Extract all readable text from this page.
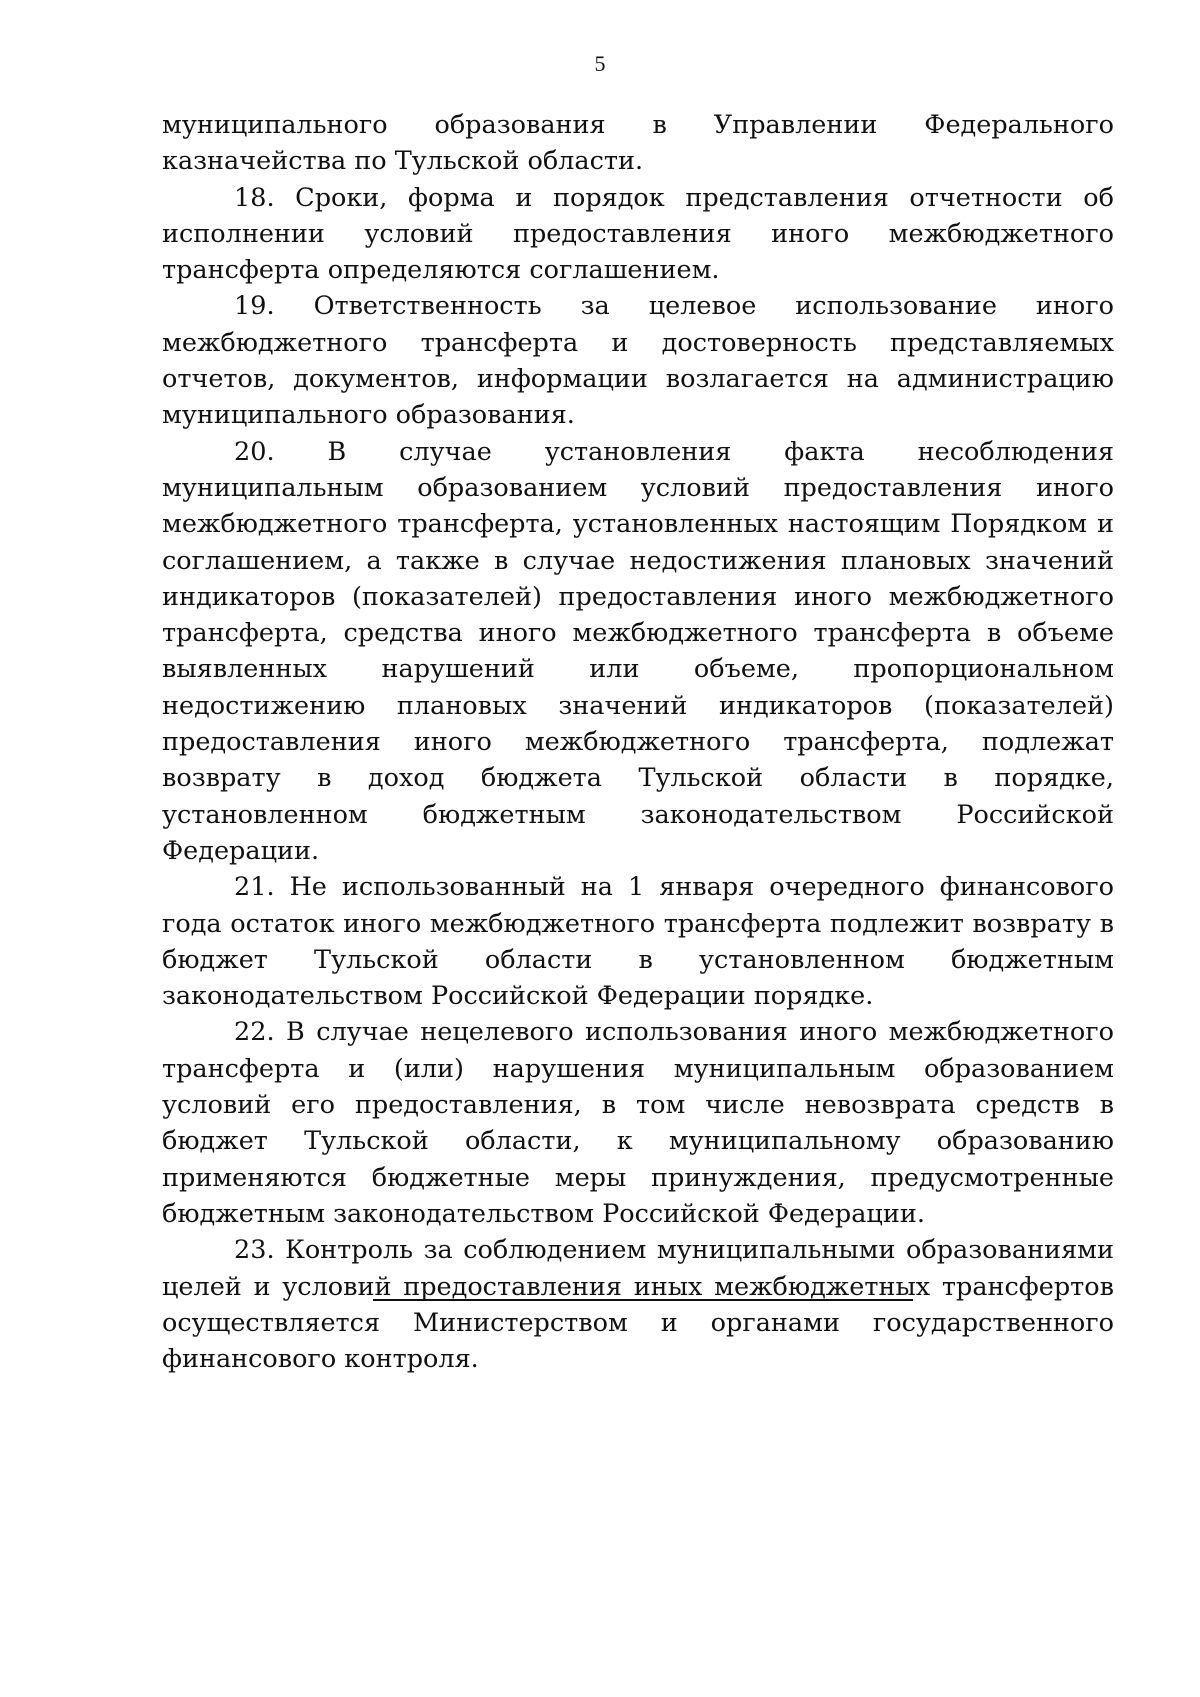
5

муниципального образования в Управлении Федерального казначейства по Тульской области.

18. Сроки, форма и порядок представления отчетности об исполнении условий предоставления иного межбюджетного трансферта определяются соглашением.

19. Ответственность за целевое использование иного межбюджетного трансферта и достоверность представляемых отчетов, документов, информации возлагается на администрацию муниципального образования.

20. В случае установления факта несоблюдения муниципальным образованием условий предоставления иного межбюджетного трансферта, установленных настоящим Порядком и соглашением, а также в случае недостижения плановых значений индикаторов (показателей) предоставления иного межбюджетного трансферта, средства иного межбюджетного трансферта в объеме выявленных нарушений или объеме, пропорциональном недостижению плановых значений индикаторов (показателей) предоставления иного межбюджетного трансферта, подлежат возврату в доход бюджета Тульской области в порядке, установленном бюджетным законодательством Российской Федерации.

21. Не использованный на 1 января очередного финансового года остаток иного межбюджетного трансферта подлежит возврату в бюджет Тульской области в установленном бюджетным законодательством Российской Федерации порядке.

22. В случае нецелевого использования иного межбюджетного трансферта и (или) нарушения муниципальным образованием условий его предоставления, в том числе невозврата средств в бюджет Тульской области, к муниципальному образованию применяются бюджетные меры принуждения, предусмотренные бюджетным законодательством Российской Федерации.

23. Контроль за соблюдением муниципальными образованиями целей и условий предоставления иных межбюджетных трансфертов осуществляется Министерством и органами государственного финансового контроля.
